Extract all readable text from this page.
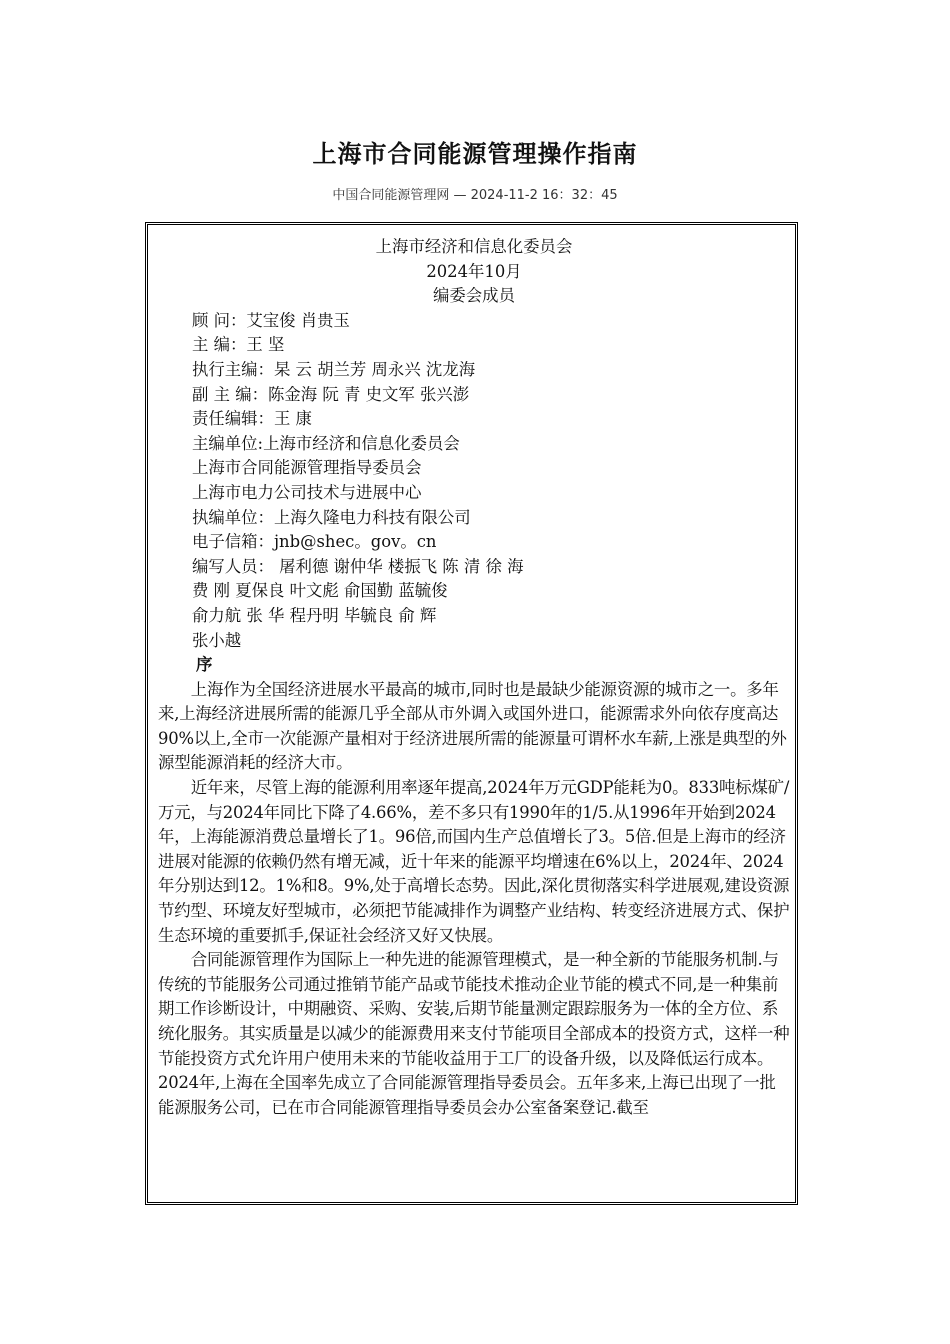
上海市合同能源管理操作指南
中国合同能源管理网 — 2024-11-2 16：32：45
上海市经济和信息化委员会
2024年10月
编委会成员
顾 问：艾宝俊 肖贵玉
主 编：王 坚
执行主编：杲 云 胡兰芳 周永兴 沈龙海
副 主 编：陈金海 阮 青 史文军 张兴澎
责任编辑：王 康
主编单位:上海市经济和信息化委员会
上海市合同能源管理指导委员会
上海市电力公司技术与进展中心
执编单位：上海久隆电力科技有限公司
电子信箱：jnb@shec。gov。cn
编写人员： 屠利德 谢仲华 楼振飞 陈 清 徐 海
费 刚 夏保良 叶文彪 俞国勤 蓝毓俊
俞力航 张 华 程丹明 毕毓良 俞 辉
张小越
序
上海作为全国经济进展水平最高的城市,同时也是最缺少能源资源的城市之一。多年来,上海经济进展所需的能源几乎全部从市外调入或国外进口，能源需求外向依存度高达90%以上,全市一次能源产量相对于经济进展所需的能源量可谓杯水车薪,上涨是典型的外源型能源消耗的经济大市。
近年来，尽管上海的能源利用率逐年提高,2024年万元GDP能耗为0。833吨标煤矿/万元，与2024年同比下降了4.66%，差不多只有1990年的1/5.从1996年开始到2024年，上海能源消费总量增长了1。96倍,而国内生产总值增长了3。5倍.但是上海市的经济进展对能源的依赖仍然有增无减，近十年来的能源平均增速在6%以上，2024年、2024年分别达到12。1%和8。9%,处于高增长态势。因此,深化贯彻落实科学进展观,建设资源节约型、环境友好型城市，必须把节能减排作为调整产业结构、转变经济进展方式、保护生态环境的重要抓手,保证社会经济又好又快展。
合同能源管理作为国际上一种先进的能源管理模式，是一种全新的节能服务机制.与传统的节能服务公司通过推销节能产品或节能技术推动企业节能的模式不同,是一种集前期工作诊断设计，中期融资、采购、安装,后期节能量测定跟踪服务为一体的全方位、系统化服务。其实质量是以减少的能源费用来支付节能项目全部成本的投资方式，这样一种节能投资方式允许用户使用未来的节能收益用于工厂的设备升级，以及降低运行成本。2024年,上海在全国率先成立了合同能源管理指导委员会。五年多来,上海已出现了一批能源服务公司，已在市合同能源管理指导委员会办公室备案登记.截至
